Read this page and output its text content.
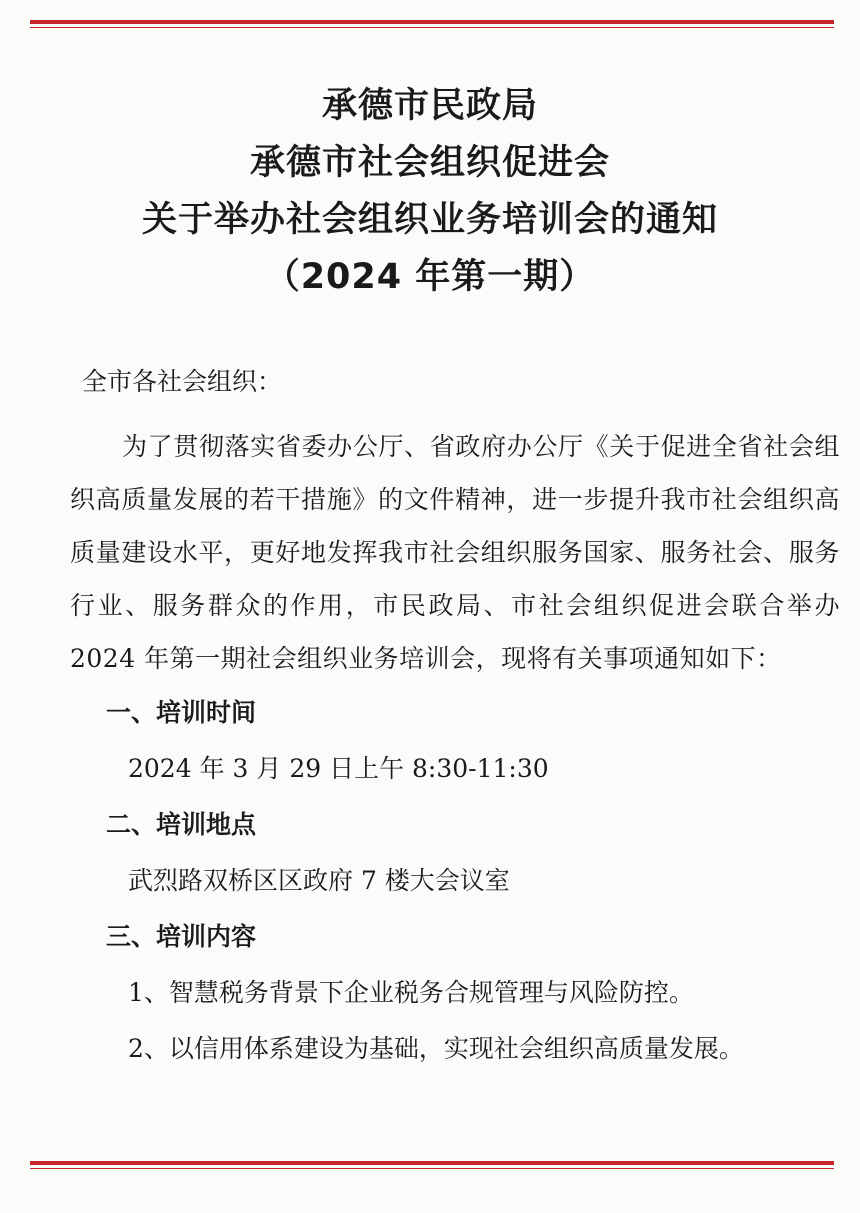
承德市民政局
承德市社会组织促进会
关于举办社会组织业务培训会的通知
（2024 年第一期）
全市各社会组织：

为了贯彻落实省委办公厅、省政府办公厅《关于促进全省社会组织高质量发展的若干措施》的文件精神，进一步提升我市社会组织高质量建设水平，更好地发挥我市社会组织服务国家、服务社会、服务行业、服务群众的作用，市民政局、市社会组织促进会联合举办 2024 年第一期社会组织业务培训会，现将有关事项通知如下：

一、培训时间
2024 年 3 月 29 日上午 8:30-11:30
二、培训地点
武烈路双桥区区政府 7 楼大会议室
三、培训内容
1、智慧税务背景下企业税务合规管理与风险防控。
2、以信用体系建设为基础，实现社会组织高质量发展。
